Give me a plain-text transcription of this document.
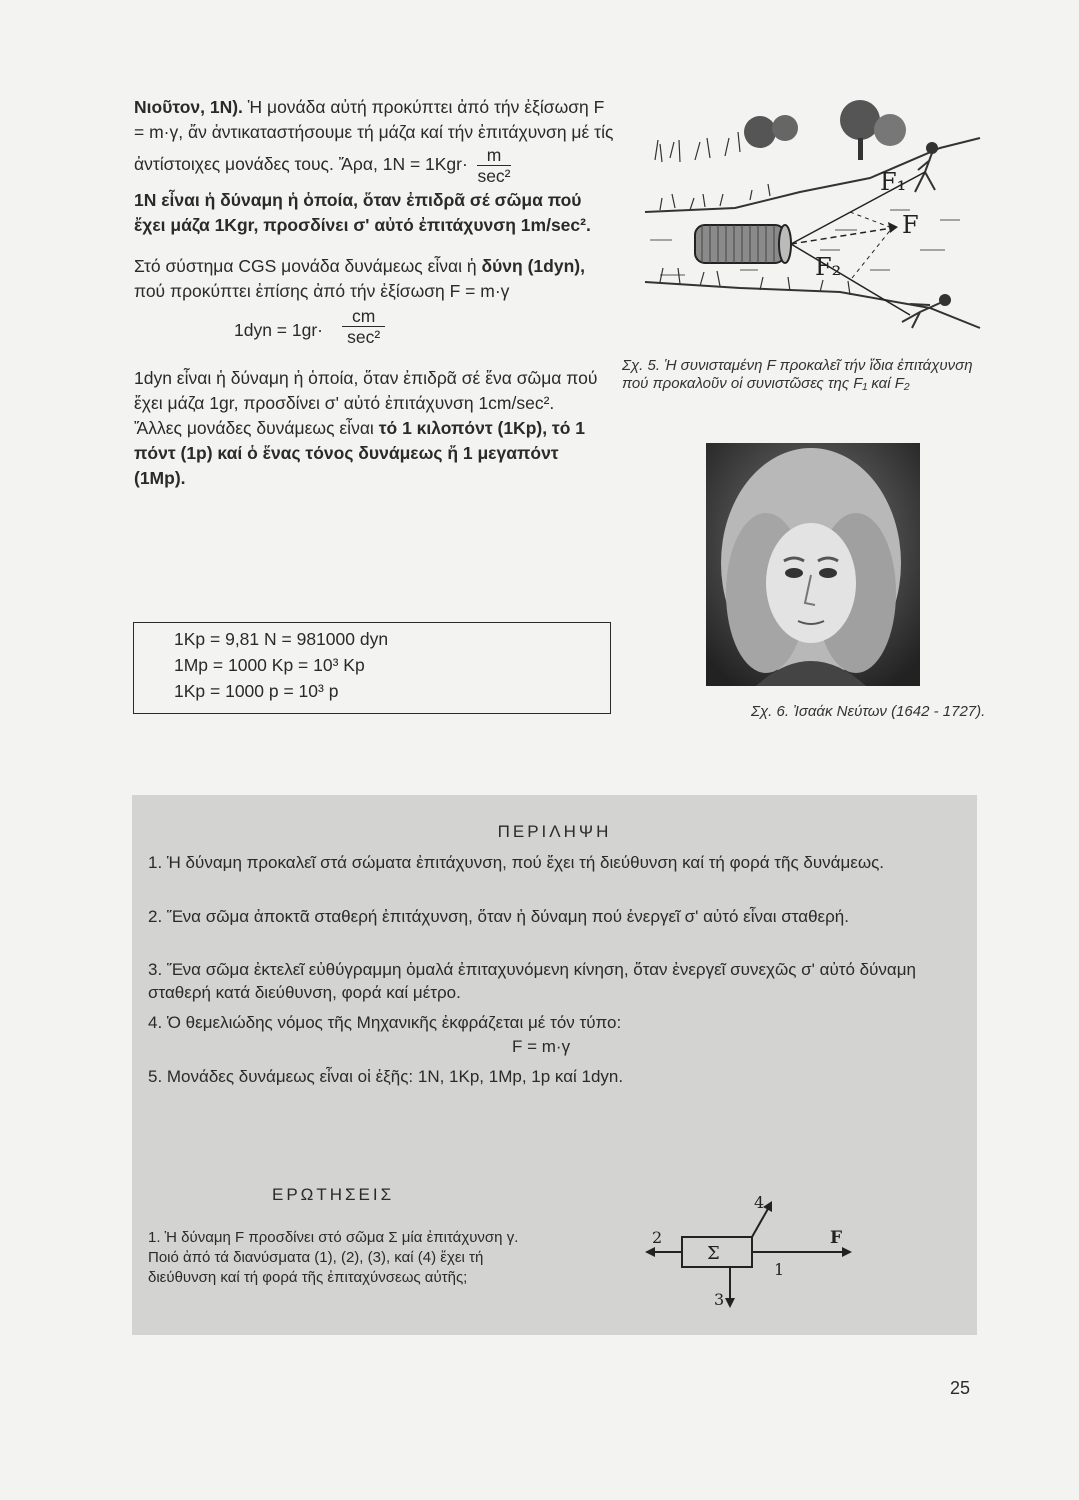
Νιοῦτον, 1Ν). Ἡ μονάδα αὐτή προκύπτει ἀπό τήν ἐξίσωση F = m·γ, ἄν ἀντικαταστήσουμε τή μάζα καί τήν ἐπιτάχυνση μέ τίς ἀντίστοιχες μονάδες τους. Ἄρα, $1N = 1Kgr\cdot \frac{m}{\text{sec²}}$

1Ν εἶναι ἡ δύναμη ἡ ὁποία, ὅταν ἐπιδρᾶ σέ σῶμα πού ἔχει μάζα 1Kgr, προσδίνει σ' αὐτό ἐπιτάχυνση 1m/sec².

Στό σύστημα CGS μονάδα δυνάμεως εἶναι ἡ δύνη (1dyn), πού προκύπτει ἐπίσης ἀπό τήν ἐξίσωση F = m·γ

1dyn = 1gr·
cm
sec²

1dyn εἶναι ἡ δύναμη ἡ ὁποία, ὅταν ἐπιδρᾶ σέ ἕνα σῶμα πού ἔχει μάζα 1gr, προσδίνει σ' αὐτό ἐπιτάχυνση 1cm/sec².

Ἄλλες μονάδες δυνάμεως εἶναι τό 1 κιλοπόντ (1Kp), τό 1 πόντ (1p) καί ὁ ἕνας τόνος δυνάμεως ἤ 1 μεγαπόντ (1Mp).

1Kp = 9,81 N = 981000 dyn
1Mp = 1000 Kp = 10³ Kp
1Kp = 1000 p = 10³ p
F₁
F
F₂
Σχ. 5. Ἡ συνισταμένη F προκαλεῖ τήν ἴδια ἐπιτάχυνση πού προκαλοῦν οἱ συνιστῶσες της F₁ καί F₂
Σχ. 6. Ἰσαάκ Νεύτων (1642 - 1727).
ΠΕΡΙΛΗΨΗ
1. Ἡ δύναμη προκαλεῖ στά σώματα ἐπιτάχυνση, πού ἔχει τή διεύθυνση καί τή φορά τῆς δυνάμεως.
2. Ἕνα σῶμα ἀποκτᾶ σταθερή ἐπιτάχυνση, ὅταν ἡ δύναμη πού ἐνεργεῖ σ' αὐτό εἶναι σταθερή.
3. Ἕνα σῶμα ἐκτελεῖ εὐθύγραμμη ὁμαλά ἐπιταχυνόμενη κίνηση, ὅταν ἐνεργεῖ συνεχῶς σ' αὐτό δύναμη σταθερή κατά διεύθυνση, φορά καί μέτρο.
4. Ὁ θεμελιώδης νόμος τῆς Μηχανικῆς ἐκφράζεται μέ τόν τύπο:
F = m·γ
5. Μονάδες δυνάμεως εἶναι οἱ ἑξῆς: 1Ν, 1Kp, 1Mp, 1p καί 1dyn.
ΕΡΩΤΗΣΕΙΣ
1. Ἡ δύναμη F προσδίνει στό σῶμα Σ μία ἐπιτάχυνση γ. Ποιό ἀπό τά διανύσματα (1), (2), (3), καί (4) ἔχει τή διεύθυνση καί τή φορά τῆς ἐπιταχύνσεως αὐτῆς;
Σ
F
1
2
3
4
25
